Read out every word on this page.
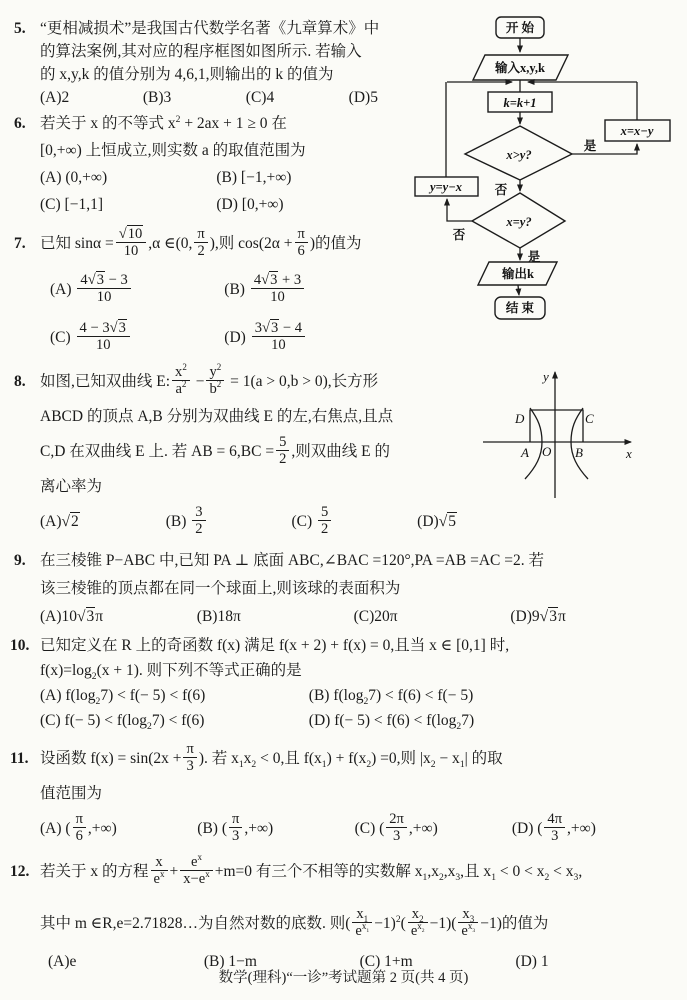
5. “更相减损术”是我国古代数学名著《九章算术》中
的算法案例,其对应的程序框图如图所示. 若输入
的 x,y,k 的值分别为 4,6,1,则输出的 k 的值为
(A)2	(B)3	(C)4	(D)5
6. 若关于 x 的不等式 $x^2 + 2ax + 1 \ge 0$ 在
[0,+∞) 上恒成立,则实数 a 的取值范围为
(A) (0,+∞)	(B) [−1,+∞)
(C) [−1,1]	(D) [0,+∞)
7. 已知 $\sin\alpha = \frac{√10}{10} ,\alpha$ ∈(0, $\frac{\pi}{2}$ ),则 $\cos(2\alpha + \frac{\pi}{6}$ )的值为
$(A) \frac{4√3 - 3}{10}$	$(B) \frac{4√3 + 3}{10}$
$(C) \frac{4 - 3√3}{10}$	$(D) \frac{3√3 - 4}{10}$
8. 如图,已知双曲线 E: $\frac{x^2}{a^2} - \frac{y^2}{b^2} = 1(a > 0,b > 0)$,长方形
ABCD 的顶点 A,B 分别为双曲线 E 的左,右焦点,且点
C,D 在双曲线 E 上. 若 AB = $6,BC = \frac{5}{2}$ ,则双曲线 E 的
离心率为
(A)√2	$(B) \frac{3}{2}$	$(C) \frac{5}{2}$	(D)√5
9. 在三棱锥 P−ABC 中,已知 PA ⊥ 底面 ABC,∠BAC =120°,PA =AB =AC =2. 若
该三棱锥的顶点都在同一个球面上,则该球的表面积为
(A)10√3π	(B)18π	(C)20π	(D)9√3π
10. 已知定义在 R 上的奇函数 f(x) 满足 f(x + 2) + f(x) = 0,且当 x ∈ [0,1] 时,
$f(x)=\log_2(x + 1)$. 则下列不等式正确的是
(A) $f(\log_27) < f(- 5) < f(6)$	(B) $f(\log_27) < f(6) < f(- 5)$
(C) $f(- 5) < f(\log_27) < f(6)$	(D) $f(- 5) < f(6) < f(\log_27)$
11. 设函数 $f(x) = \sin(2x + \frac{\pi}{3}$ ). 若 $x_1x_2 < 0$,且 $f(x_1) + f(x_2) =0$,则 $|x_2 - x_1|$ 的取
值范围为
(A) ( $\frac{\pi}{6}$ ,+∞)	(B) ( $\frac{\pi}{3}$ ,+∞)	(C) ( $\frac{2\pi}{3}$ ,+∞)	(D) ( $\frac{4\pi}{3}$ ,+∞)
12. 若关于 x 的方程 $\frac{x}{e^x} + \frac{e^x}{x-e^x} +m=0$ 有三个不相等的实数解 $x_1,x_2,x_3$,且 $x_1 < 0 < x_2 < x_3$,
其中 m ∈R,e=2.71828…为自然对数的底数. 则( $\frac{x_1}{e^{x_1}} -1)^2( \frac{x_2}{e^{x_2}} -1)( \frac{x_3}{e^{x_3}} -1)$的值为
(A)e	(B) 1−m	(C) 1+m	(D) 1
开 始
输入x,y,k
k=k+1
x>y?
是
x=x−y
否
x=y?
否
y=y−x
是
输出k
结 束
y
x
O
A	B
C
D
数学(理科)“一诊”考试题第 2 页(共 4 页)
